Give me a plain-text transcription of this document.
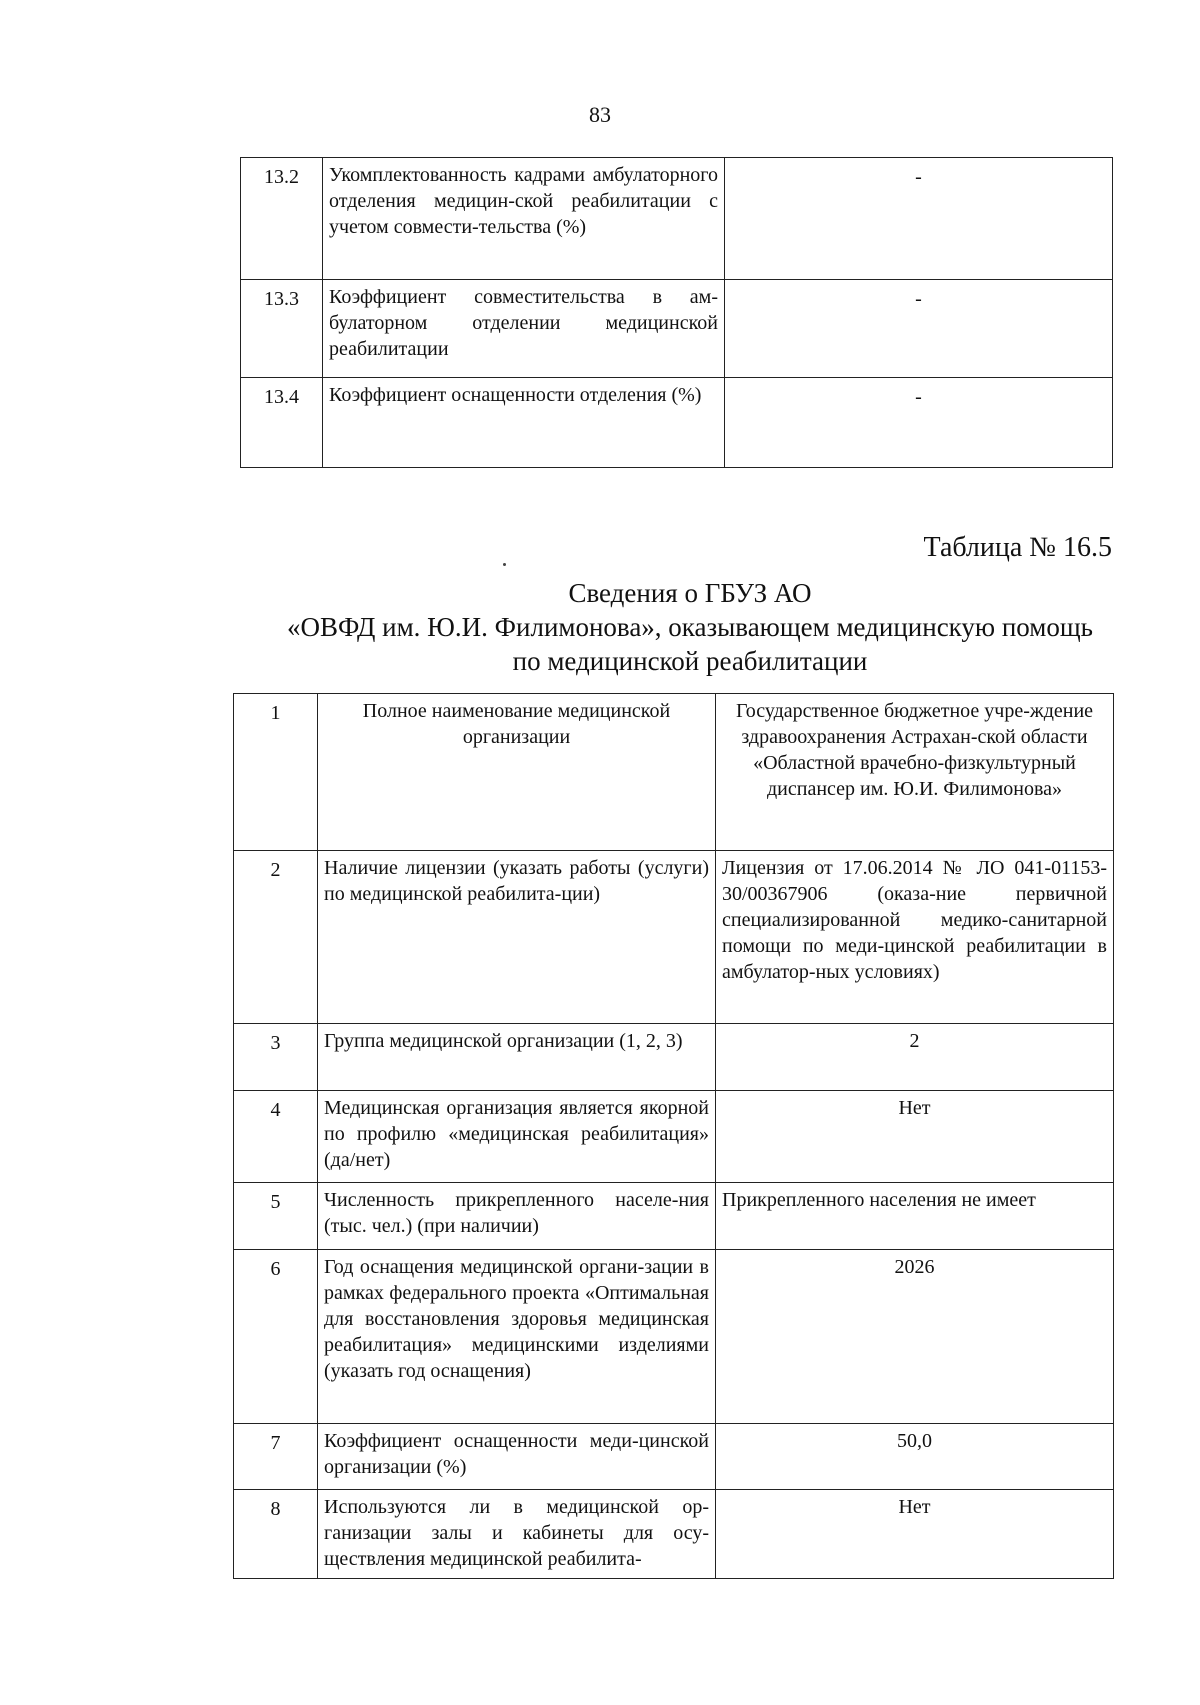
83
13.2	Укомплектованность кадрами амбулаторного отделения медицин-ской реабилитации с учетом совмести-тельства (%)	-

13.3	Коэффициент совместительства в ам-булаторном отделении медицинской реабилитации	-

13.4	Коэффициент оснащенности отделения (%)	-
Таблица № 16.5
Сведения о ГБУЗ АО
«ОВФД им. Ю.И. Филимонова», оказывающем медицинскую помощь
по медицинской реабилитации
1	Полное наименование медицинской организации	Государственное бюджетное учре-ждение здравоохранения Астрахан-ской области «Областной врачебно-физкультурный диспансер им. Ю.И. Филимонова»
2	Наличие лицензии (указать работы (услуги) по медицинской реабилита-ции)	Лицензия от 17.06.2014 № ЛО 041-01153-30/00367906 (оказа-ние первичной специализированной медико-санитарной помощи по меди-цинской реабилитации в амбулатор-ных условиях)
3	Группа медицинской организации (1, 2, 3)	2
4	Медицинская организация является якорной по профилю «медицинская реабилитация» (да/нет)	Нет
5	Численность прикрепленного населе-ния (тыс. чел.) (при наличии)	Прикрепленного населения не имеет
6	Год оснащения медицинской органи-зации в рамках федерального проекта «Оптимальная для восстановления здоровья медицинская реабилитация» медицинскими изделиями (указать год оснащения)	2026
7	Коэффициент оснащенности меди-цинской организации (%)	50,0
8	Используются ли в медицинской ор-ганизации залы и кабинеты для осу-ществления медицинской реабилита-	Нет
